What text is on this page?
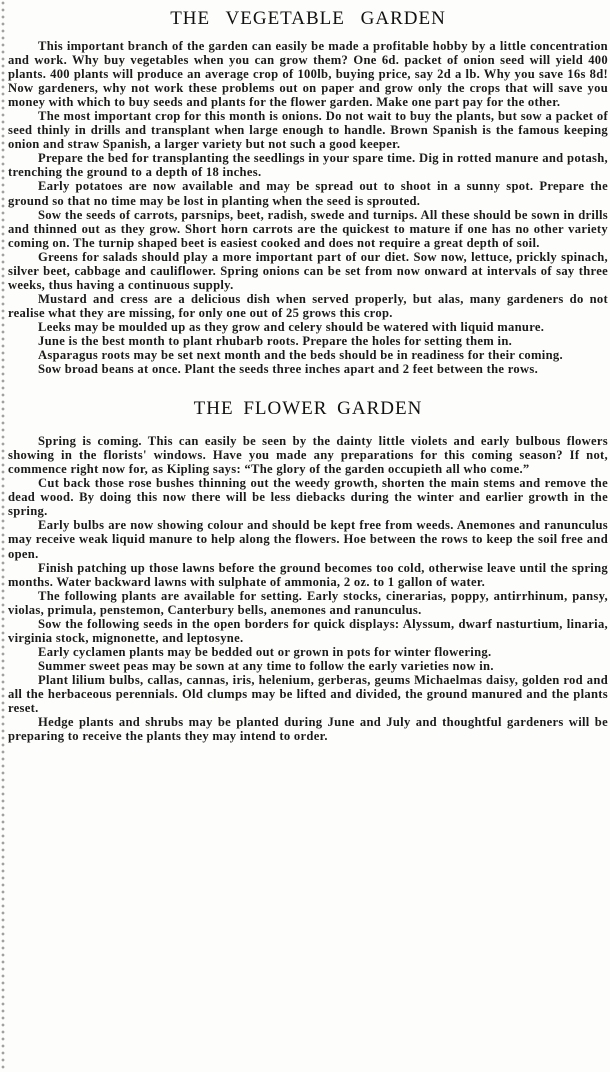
THE VEGETABLE GARDEN

This important branch of the garden can easily be made a profitable hobby by a little concentration and work. Why buy vegetables when you can grow them? One 6d. packet of onion seed will yield 400 plants. 400 plants will produce an average crop of 100lb, buying price, say 2d a lb. Why you save 16s 8d! Now gardeners, why not work these problems out on paper and grow only the crops that will save you money with which to buy seeds and plants for the flower garden. Make one part pay for the other.

The most important crop for this month is onions. Do not wait to buy the plants, but sow a packet of seed thinly in drills and transplant when large enough to handle. Brown Spanish is the famous keeping onion and straw Spanish, a larger variety but not such a good keeper.

Prepare the bed for transplanting the seedlings in your spare time. Dig in rotted manure and potash, trenching the ground to a depth of 18 inches.

Early potatoes are now available and may be spread out to shoot in a sunny spot. Prepare the ground so that no time may be lost in planting when the seed is sprouted.

Sow the seeds of carrots, parsnips, beet, radish, swede and turnips. All these should be sown in drills and thinned out as they grow. Short horn carrots are the quickest to mature if one has no other variety coming on. The turnip shaped beet is easiest cooked and does not require a great depth of soil.

Greens for salads should play a more important part of our diet. Sow now, lettuce, prickly spinach, silver beet, cabbage and cauliflower. Spring onions can be set from now onward at intervals of say three weeks, thus having a continuous supply.

Mustard and cress are a delicious dish when served properly, but alas, many gardeners do not realise what they are missing, for only one out of 25 grows this crop.

Leeks may be moulded up as they grow and celery should be watered with liquid manure.

June is the best month to plant rhubarb roots. Prepare the holes for setting them in.

Asparagus roots may be set next month and the beds should be in readiness for their coming.

Sow broad beans at once. Plant the seeds three inches apart and 2 feet between the rows.

THE FLOWER GARDEN

Spring is coming. This can easily be seen by the dainty little violets and early bulbous flowers showing in the florists' windows. Have you made any preparations for this coming season? If not, commence right now for, as Kipling says: “The glory of the garden occupieth all who come.”

Cut back those rose bushes thinning out the weedy growth, shorten the main stems and remove the dead wood. By doing this now there will be less diebacks during the winter and earlier growth in the spring.

Early bulbs are now showing colour and should be kept free from weeds. Anemones and ranunculus may receive weak liquid manure to help along the flowers. Hoe between the rows to keep the soil free and open.

Finish patching up those lawns before the ground becomes too cold, otherwise leave until the spring months. Water backward lawns with sulphate of ammonia, 2 oz. to 1 gallon of water.

The following plants are available for setting. Early stocks, cinerarias, poppy, antirrhinum, pansy, violas, primula, penstemon, Canterbury bells, anemones and ranunculus.

Sow the following seeds in the open borders for quick displays: Alyssum, dwarf nasturtium, linaria, virginia stock, mignonette, and leptosyne.

Early cyclamen plants may be bedded out or grown in pots for winter flowering.

Summer sweet peas may be sown at any time to follow the early varieties now in.

Plant lilium bulbs, callas, cannas, iris, helenium, gerberas, geums Michaelmas daisy, golden rod and all the herbaceous perennials. Old clumps may be lifted and divided, the ground manured and the plants reset.

Hedge plants and shrubs may be planted during June and July and thoughtful gardeners will be preparing to receive the plants they may intend to order.
